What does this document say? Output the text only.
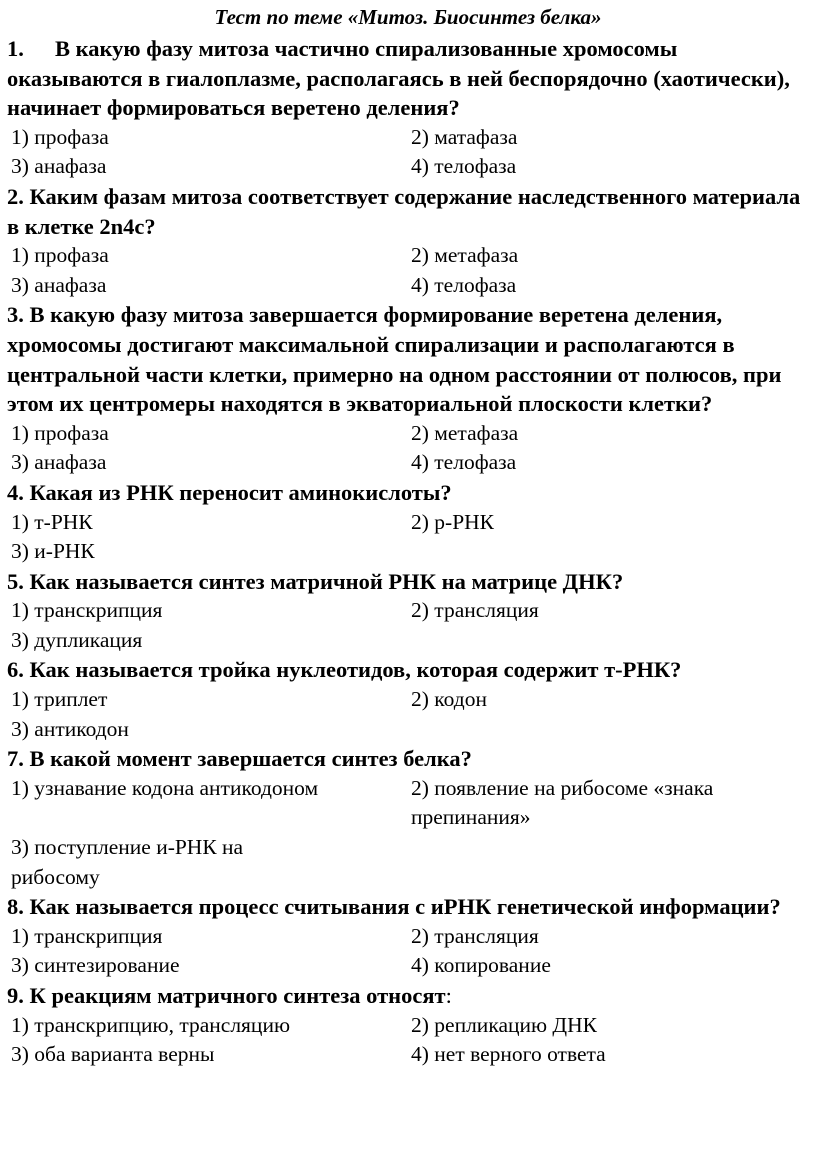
Тест по теме «Митоз. Биосинтез белка»
1. В какую фазу митоза частично спирализованные хромосомы оказываются в гиалоплазме, располагаясь в ней беспорядочно (хаотически), начинает формироваться веретено деления?
1) профаза	2) матафаза
3) анафаза	4) телофаза
2. Каким фазам митоза соответствует содержание наследственного материала в клетке 2n4c?
1) профаза	2) метафаза
3) анафаза	4) телофаза
3. В какую фазу митоза завершается формирование веретена деления, хромосомы достигают максимальной спирализации и располагаются в центральной части клетки, примерно на одном расстоянии от полюсов, при этом их центромеры находятся в экваториальной плоскости клетки?
1) профаза	2) метафаза
3) анафаза	4) телофаза
4. Какая из РНК переносит аминокислоты?
1) т-РНК	2) р-РНК
3) и-РНК
5. Как называется синтез матричной РНК на матрице ДНК?
1) транскрипция	2) трансляция
3) дупликация
6. Как называется тройка нуклеотидов, которая содержит т-РНК?
1) триплет	2) кодон
3) антикодон
7. В какой момент завершается синтез белка?
1) узнавание кодона антикодоном	2) появление на рибосоме «знака препинания»
3) поступление и-РНК на рибосому
8. Как называется процесс считывания с иРНК генетической информации?
1) транскрипция	2) трансляция
3) синтезирование	4) копирование
9. К реакциям матричного синтеза относят:
1) транскрипцию, трансляцию	2) репликацию ДНК
3) оба варианта верны	4) нет верного ответа
